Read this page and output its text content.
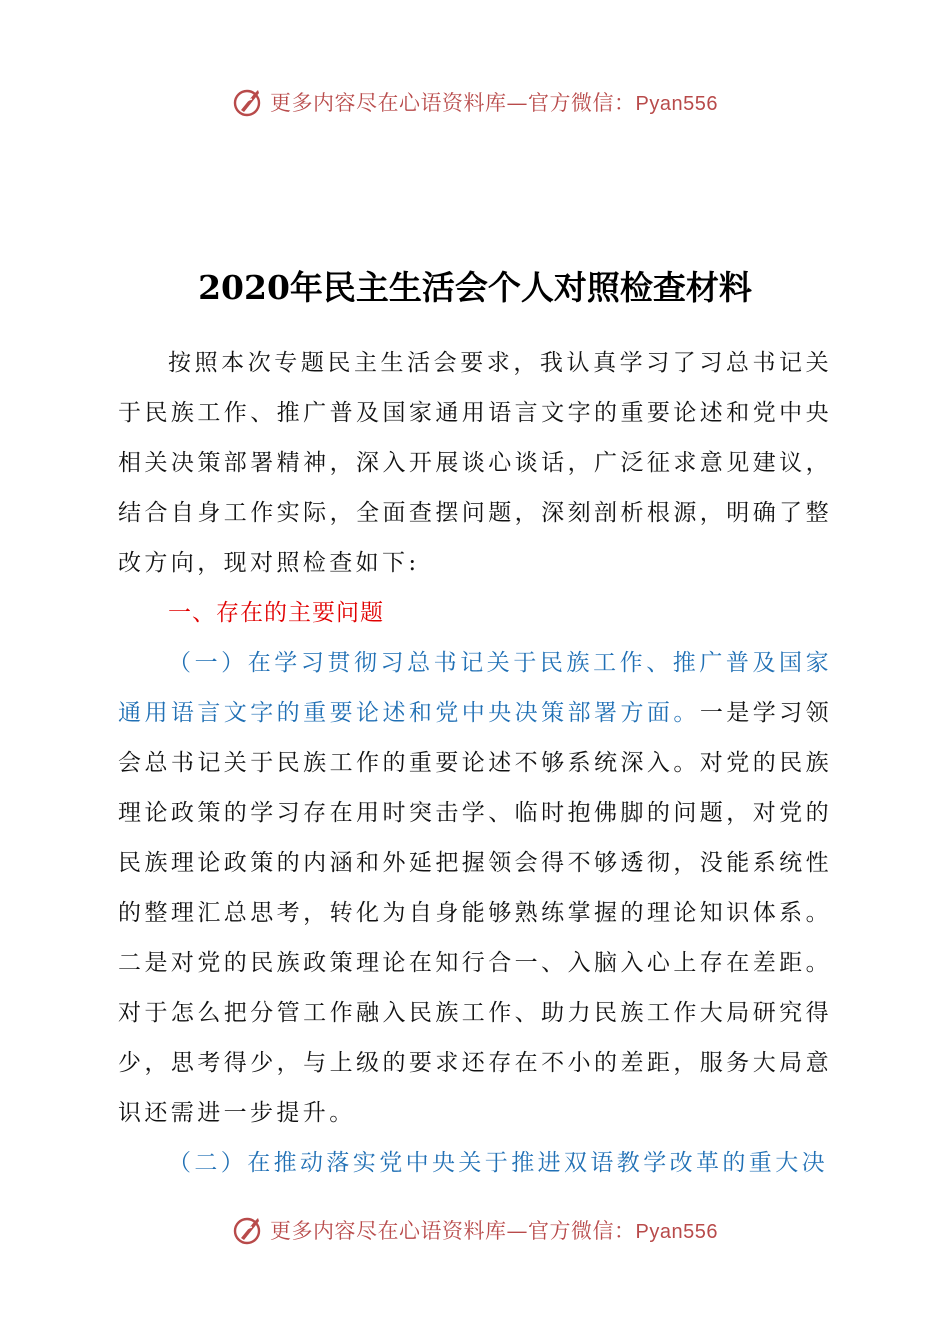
更多内容尽在心语资料库—官方微信：Pyan556
2020年民主生活会个人对照检查材料

按照本次专题民主生活会要求，我认真学习了习总书记关于民族工作、推广普及国家通用语言文字的重要论述和党中央相关决策部署精神，深入开展谈心谈话，广泛征求意见建议，结合自身工作实际，全面查摆问题，深刻剖析根源，明确了整改方向，现对照检查如下:

一、存在的主要问题

（一）在学习贯彻习总书记关于民族工作、推广普及国家通用语言文字的重要论述和党中央决策部署方面。一是学习领会总书记关于民族工作的重要论述不够系统深入。对党的民族理论政策的学习存在用时突击学、临时抱佛脚的问题，对党的民族理论政策的内涵和外延把握领会得不够透彻，没能系统性的整理汇总思考，转化为自身能够熟练掌握的理论知识体系。二是对党的民族政策理论在知行合一、入脑入心上存在差距。对于怎么把分管工作融入民族工作、助力民族工作大局研究得少，思考得少，与上级的要求还存在不小的差距，服务大局意识还需进一步提升。

（二）在推动落实党中央关于推进双语教学改革的重大决

更多内容尽在心语资料库—官方微信：Pyan556
